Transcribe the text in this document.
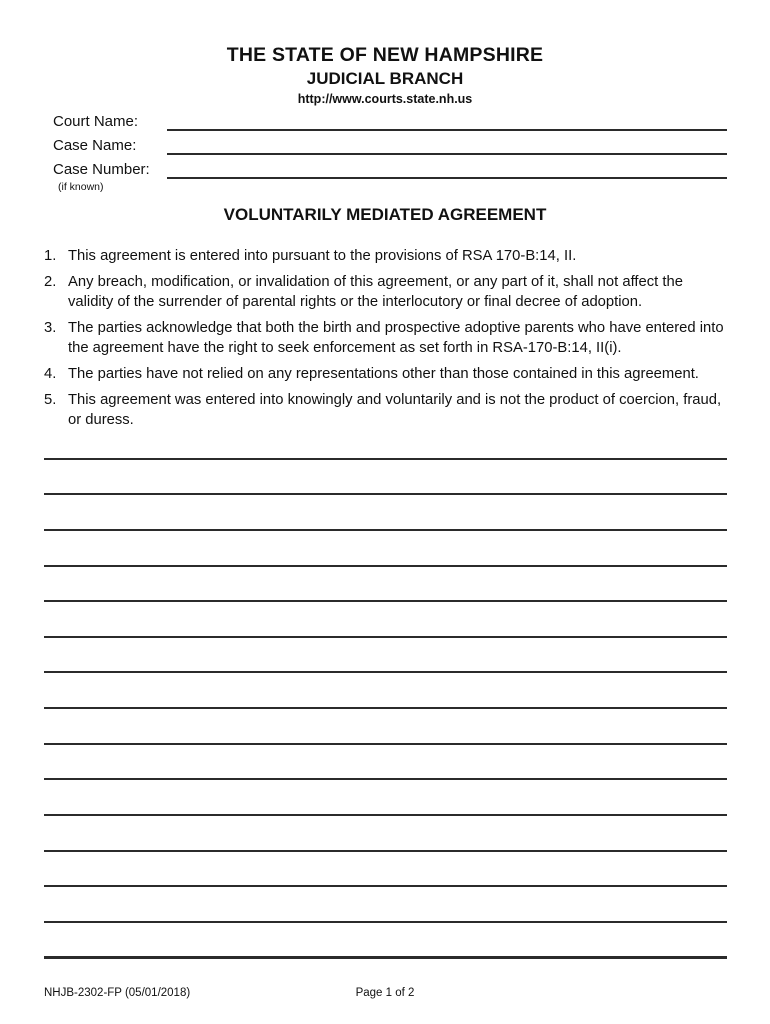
THE STATE OF NEW HAMPSHIRE
JUDICIAL BRANCH
http://www.courts.state.nh.us
Court Name:
Case Name:
Case Number:
(if known)
VOLUNTARILY MEDIATED AGREEMENT
1. This agreement is entered into pursuant to the provisions of RSA 170-B:14, II.
2. Any breach, modification, or invalidation of this agreement, or any part of it, shall not affect the validity of the surrender of parental rights or the interlocutory or final decree of adoption.
3. The parties acknowledge that both the birth and prospective adoptive parents who have entered into the agreement have the right to seek enforcement as set forth in RSA-170-B:14, II(i).
4. The parties have not relied on any representations other than those contained in this agreement.
5. This agreement was entered into knowingly and voluntarily and is not the product of coercion, fraud, or duress.
NHJB-2302-FP (05/01/2018)	Page 1 of 2
